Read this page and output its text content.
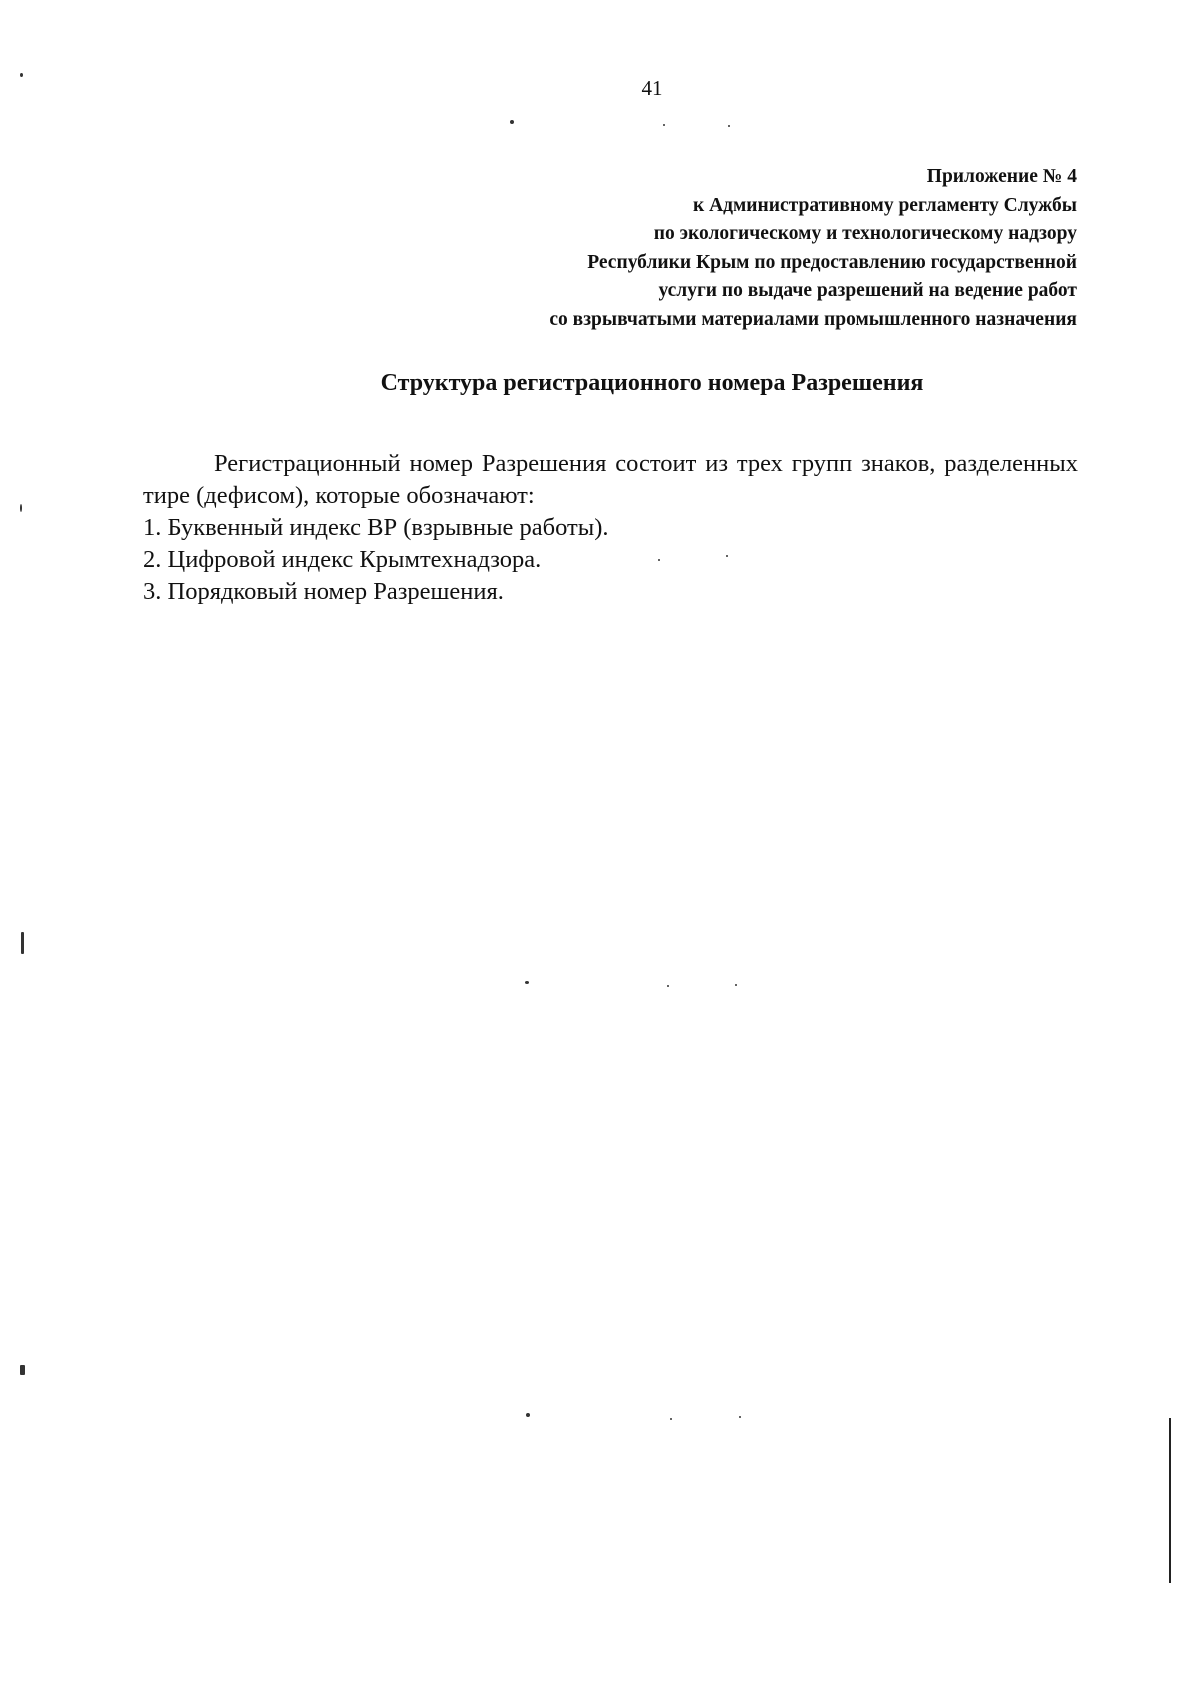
41
Приложение № 4
к Административному регламенту Службы
по экологическому и технологическому надзору
Республики Крым по предоставлению государственной
услуги по выдаче разрешений на ведение работ
со взрывчатыми материалами промышленного назначения
Структура регистрационного номера Разрешения

Регистрационный номер Разрешения состоит из трех групп знаков, разделенных тире (дефисом), которые обозначают:

1. Буквенный индекс ВР (взрывные работы).

2. Цифровой индекс Крымтехнадзора.

3. Порядковый номер Разрешения.
